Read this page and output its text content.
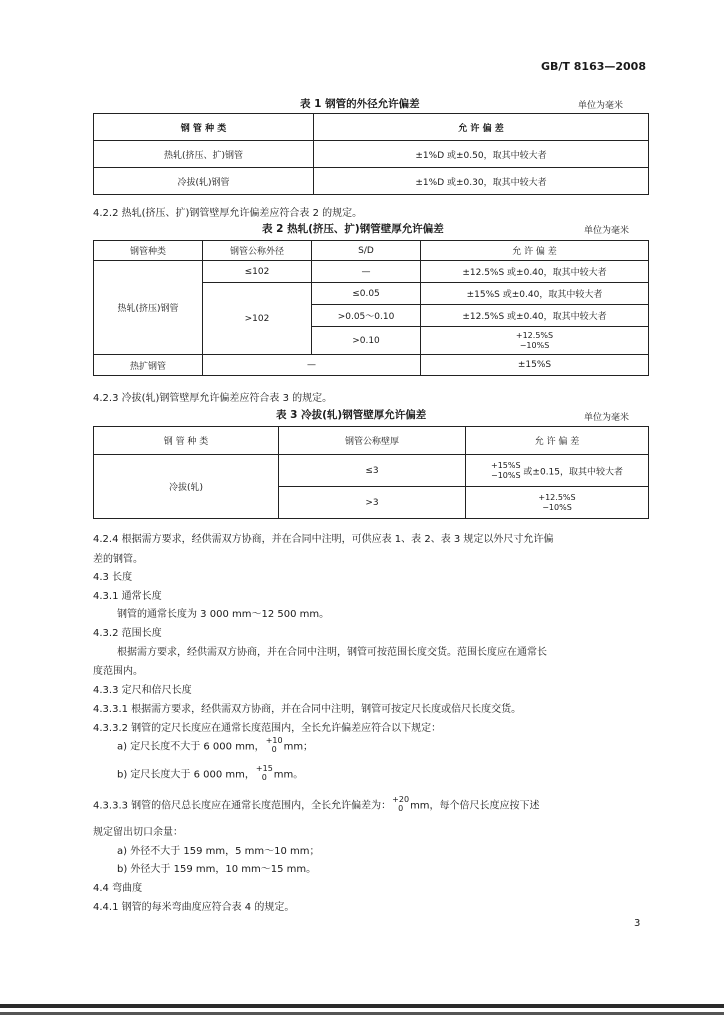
GB/T 8163—2008
表 1 钢管的外径允许偏差	单位为毫米
钢 管 种 类	允 许 偏 差
热轧(挤压、扩)钢管	±1%D 或±0.50，取其中较大者
冷拔(轧)钢管	±1%D 或±0.30，取其中较大者
4.2.2 热轧(挤压、扩)钢管壁厚允许偏差应符合表 2 的规定。
表 2 热轧(挤压、扩)钢管壁厚允许偏差	单位为毫米
钢管种类	钢管公称外径	S/D	允 许 偏 差
热轧(挤压)钢管	≤102	—	±12.5%S 或±0.40，取其中较大者
	>102	≤0.05	±15%S 或±0.40，取其中较大者
		>0.05～0.10	±12.5%S 或±0.40，取其中较大者
		>0.10	+12.5%S
−10%S

热扩钢管	—		±15%S
4.2.3 冷拔(轧)钢管壁厚允许偏差应符合表 3 的规定。
表 3 冷拔(轧)钢管壁厚允许偏差	单位为毫米
钢 管 种 类	钢管公称壁厚	允 许 偏 差
冷拔(轧)	≤3	+15%S
−10%S 或±0.15，取其中较大者
	>3	+12.5%S
−10%S
4.2.4 根据需方要求，经供需双方协商，并在合同中注明，可供应表 1、表 2、表 3 规定以外尺寸允许偏
差的钢管。
4.3 长度
4.3.1 通常长度
钢管的通常长度为 3 000 mm～12 500 mm。
4.3.2 范围长度
根据需方要求，经供需双方协商，并在合同中注明，钢管可按范围长度交货。范围长度应在通常长
度范围内。
4.3.3 定尺和倍尺长度
4.3.3.1 根据需方要求，经供需双方协商，并在合同中注明，钢管可按定尺长度或倍尺长度交货。
4.3.3.2 钢管的定尺长度应在通常长度范围内，全长允许偏差应符合以下规定：
a) 定尺长度不大于 6 000 mm，
+10
0 mm；
b) 定尺长度大于 6 000 mm，
+15
0 mm。
4.3.3.3 钢管的倍尺总长度应在通常长度范围内，全长允许偏差为：
+20
0 mm，每个倍尺长度应按下述
规定留出切口余量：
a) 外径不大于 159 mm，5 mm～10 mm；
b) 外径大于 159 mm，10 mm～15 mm。
4.4 弯曲度
4.4.1 钢管的每米弯曲度应符合表 4 的规定。
3
